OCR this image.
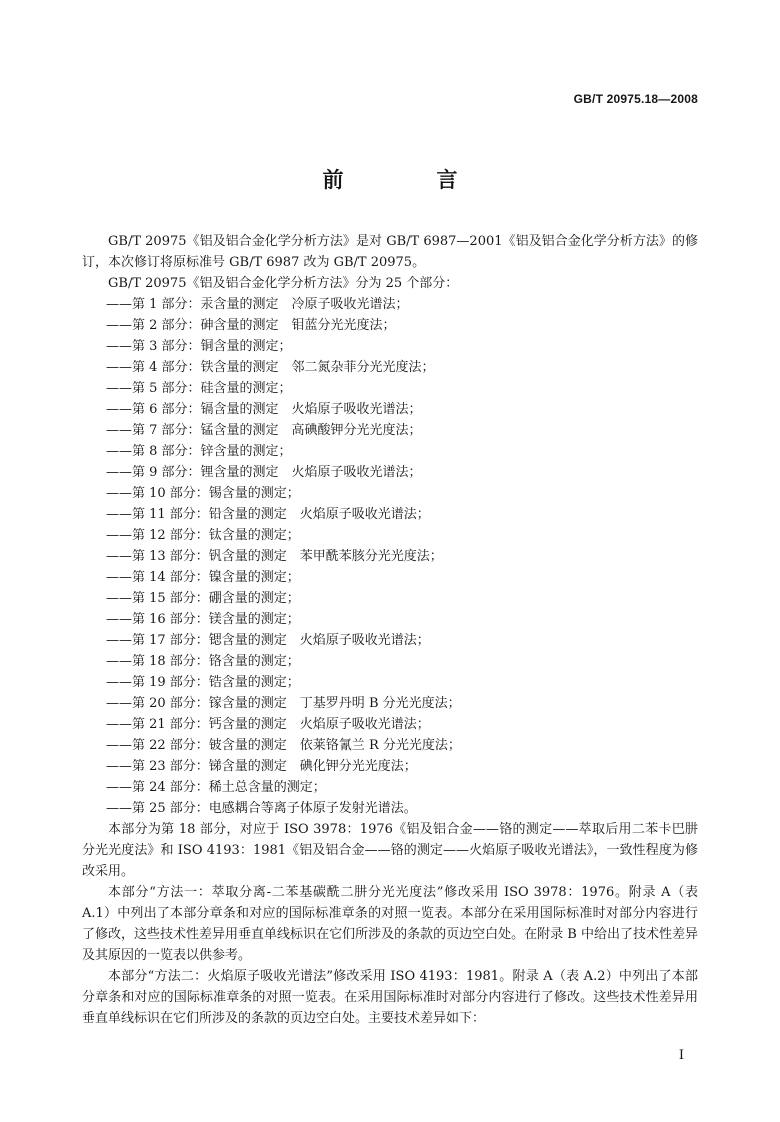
GB/T 20975.18—2008
前　言

GB/T 20975《铝及铝合金化学分析方法》是对 GB/T 6987—2001《铝及铝合金化学分析方法》的修订，本次修订将原标准号 GB/T 6987 改为 GB/T 20975。

GB/T 20975《铝及铝合金化学分析方法》分为 25 个部分：

——第 1 部分：汞含量的测定　冷原子吸收光谱法；
——第 2 部分：砷含量的测定　钼蓝分光光度法；
——第 3 部分：铜含量的测定；
——第 4 部分：铁含量的测定　邻二氮杂菲分光光度法；
——第 5 部分：硅含量的测定；
——第 6 部分：镉含量的测定　火焰原子吸收光谱法；
——第 7 部分：锰含量的测定　高碘酸钾分光光度法；
——第 8 部分：锌含量的测定；
——第 9 部分：锂含量的测定　火焰原子吸收光谱法；
——第 10 部分：锡含量的测定；
——第 11 部分：铅含量的测定　火焰原子吸收光谱法；
——第 12 部分：钛含量的测定；
——第 13 部分：钒含量的测定　苯甲酰苯胲分光光度法；
——第 14 部分：镍含量的测定；
——第 15 部分：硼含量的测定；
——第 16 部分：镁含量的测定；
——第 17 部分：锶含量的测定　火焰原子吸收光谱法；
——第 18 部分：铬含量的测定；
——第 19 部分：锆含量的测定；
——第 20 部分：镓含量的测定　丁基罗丹明 B 分光光度法；
——第 21 部分：钙含量的测定　火焰原子吸收光谱法；
——第 22 部分：铍含量的测定　依莱铬氰兰 R 分光光度法；
——第 23 部分：锑含量的测定　碘化钾分光光度法；
——第 24 部分：稀土总含量的测定；
——第 25 部分：电感耦合等离子体原子发射光谱法。

本部分为第 18 部分，对应于 ISO 3978：1976《铝及铝合金——铬的测定——萃取后用二苯卡巴肼分光光度法》和 ISO 4193：1981《铝及铝合金——铬的测定——火焰原子吸收光谱法》，一致性程度为修改采用。

本部分“方法一：萃取分离-二苯基碳酰二肼分光光度法”修改采用 ISO 3978：1976。附录 A（表 A.1）中列出了本部分章条和对应的国际标准章条的对照一览表。本部分在采用国际标准时对部分内容进行了修改，这些技术性差异用垂直单线标识在它们所涉及的条款的页边空白处。在附录 B 中给出了技术性差异及其原因的一览表以供参考。

本部分“方法二：火焰原子吸收光谱法”修改采用 ISO 4193：1981。附录 A（表 A.2）中列出了本部分章条和对应的国际标准章条的对照一览表。在采用国际标准时对部分内容进行了修改。这些技术性差异用垂直单线标识在它们所涉及的条款的页边空白处。主要技术差异如下：

I
